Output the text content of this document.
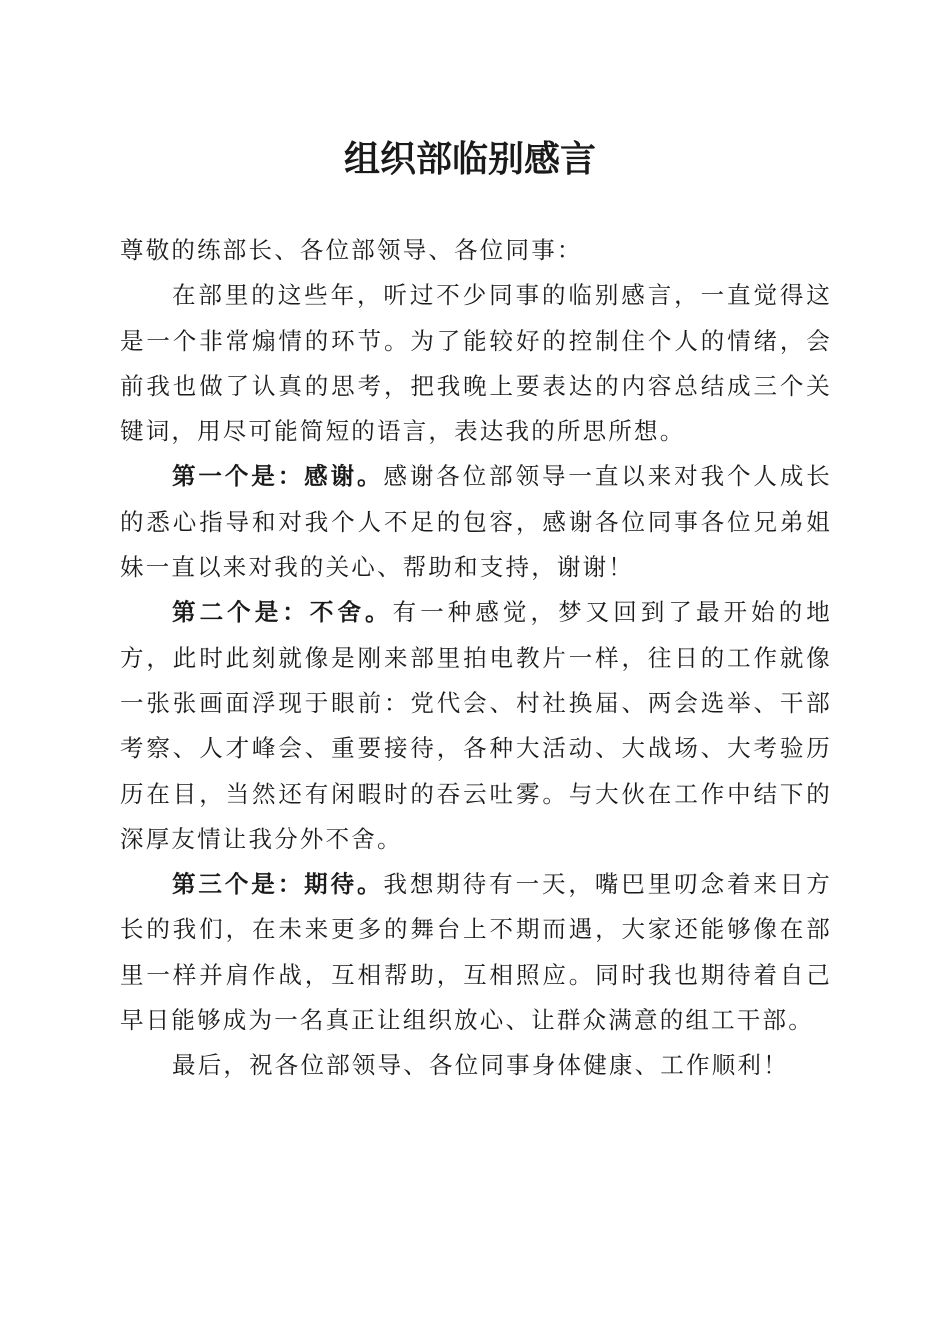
组织部临别感言

尊敬的练部长、各位部领导、各位同事：

在部里的这些年，听过不少同事的临别感言，一直觉得这是一个非常煽情的环节。为了能较好的控制住个人的情绪，会前我也做了认真的思考，把我晚上要表达的内容总结成三个关键词，用尽可能简短的语言，表达我的所思所想。

第一个是：感谢。感谢各位部领导一直以来对我个人成长的悉心指导和对我个人不足的包容，感谢各位同事各位兄弟姐妹一直以来对我的关心、帮助和支持，谢谢！

第二个是：不舍。有一种感觉，梦又回到了最开始的地方，此时此刻就像是刚来部里拍电教片一样，往日的工作就像一张张画面浮现于眼前：党代会、村社换届、两会选举、干部考察、人才峰会、重要接待，各种大活动、大战场、大考验历历在目，当然还有闲暇时的吞云吐雾。与大伙在工作中结下的深厚友情让我分外不舍。

第三个是：期待。我想期待有一天，嘴巴里叨念着来日方长的我们，在未来更多的舞台上不期而遇，大家还能够像在部里一样并肩作战，互相帮助，互相照应。同时我也期待着自己早日能够成为一名真正让组织放心、让群众满意的组工干部。

最后，祝各位部领导、各位同事身体健康、工作顺利！
